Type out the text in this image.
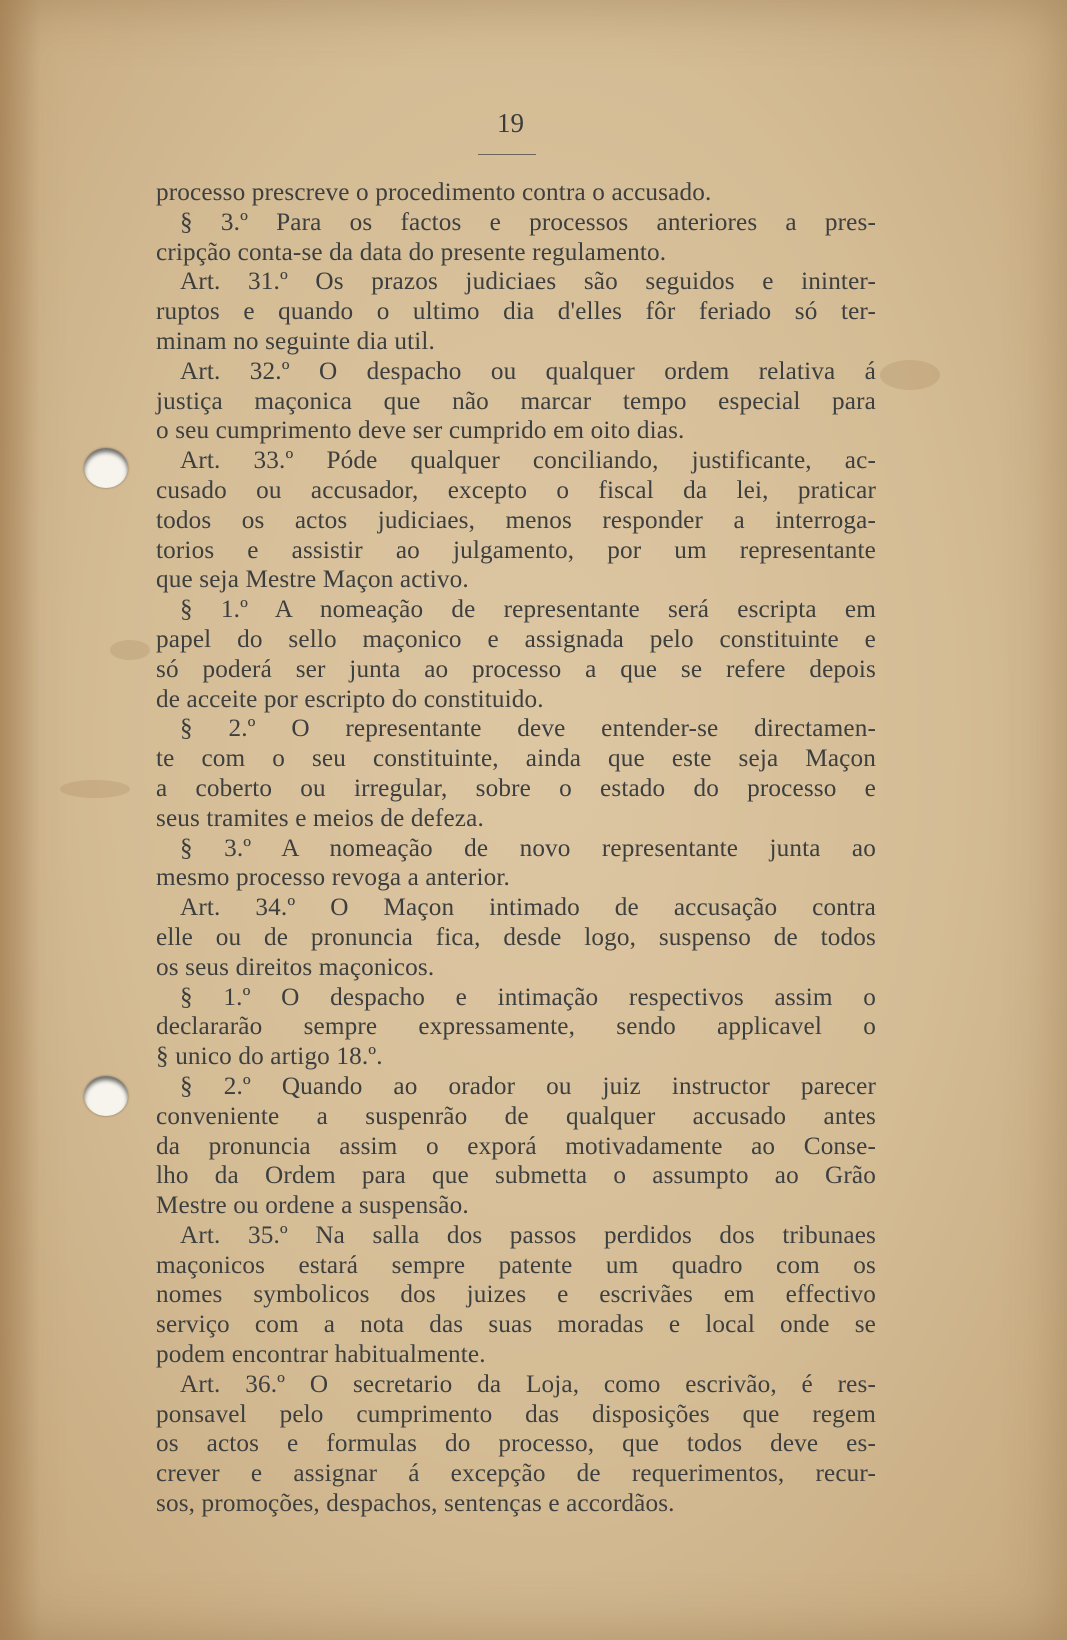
19
processo prescreve o procedimento contra o accusado.
§ 3.º Para os factos e processos anteriores a pres-
cripção conta-se da data do presente regulamento.
Art. 31.º Os prazos judiciaes são seguidos e ininter-
ruptos e quando o ultimo dia d'elles fôr feriado só ter-
minam no seguinte dia util.
Art. 32.º O despacho ou qualquer ordem relativa á
justiça maçonica que não marcar tempo especial para
o seu cumprimento deve ser cumprido em oito dias.
Art. 33.º Póde qualquer conciliando, justificante, ac-
cusado ou accusador, excepto o fiscal da lei, praticar
todos os actos judiciaes, menos responder a interroga-
torios e assistir ao julgamento, por um representante
que seja Mestre Maçon activo.
§ 1.º A nomeação de representante será escripta em
papel do sello maçonico e assignada pelo constituinte e
só poderá ser junta ao processo a que se refere depois
de acceite por escripto do constituido.
§ 2.º O representante deve entender-se directamen-
te com o seu constituinte, ainda que este seja Maçon
a coberto ou irregular, sobre o estado do processo e
seus tramites e meios de defeza.
§ 3.º A nomeação de novo representante junta ao
mesmo processo revoga a anterior.
Art. 34.º O Maçon intimado de accusação contra
elle ou de pronuncia fica, desde logo, suspenso de todos
os seus direitos maçonicos.
§ 1.º O despacho e intimação respectivos assim o
declararão sempre expressamente, sendo applicavel o
§ unico do artigo 18.º.
§ 2.º Quando ao orador ou juiz instructor parecer
conveniente a suspenrão de qualquer accusado antes
da pronuncia assim o exporá motivadamente ao Conse-
lho da Ordem para que submetta o assumpto ao Grão
Mestre ou ordene a suspensão.
Art. 35.º Na salla dos passos perdidos dos tribunaes
maçonicos estará sempre patente um quadro com os
nomes symbolicos dos juizes e escrivães em effectivo
serviço com a nota das suas moradas e local onde se
podem encontrar habitualmente.
Art. 36.º O secretario da Loja, como escrivão, é res-
ponsavel pelo cumprimento das disposições que regem
os actos e formulas do processo, que todos deve es-
crever e assignar á excepção de requerimentos, recur-
sos, promoções, despachos, sentenças e accordãos.
